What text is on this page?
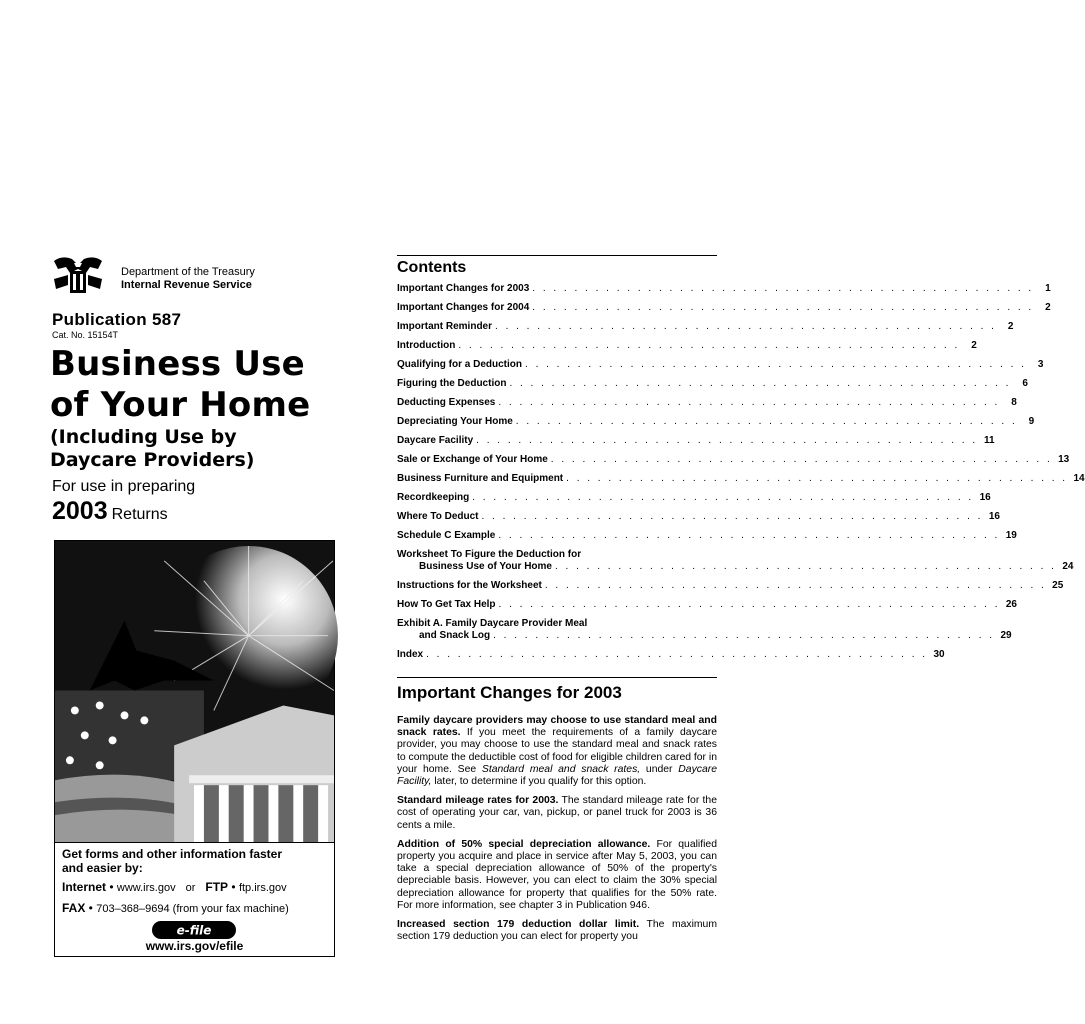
Department of the Treasury
Internal Revenue Service
Publication 587
Cat. No. 15154T
Business Use
of Your Home
(Including Use by
Daycare Providers)
For use in preparing
2003 Returns
Get forms and other information faster and easier by:
Internet • www.irs.gov or FTP • ftp.irs.gov
FAX • 703–368–9694 (from your fax machine)
e-file
www.irs.gov/efile
Contents
Important Changes for 2003 . . . . . . . . . . . . . . . . . . . . . . . . . . . . . . . . . . . . . . . . . . . . . . . .	1
Important Changes for 2004 . . . . . . . . . . . . . . . . . . . . . . . . . . . . . . . . . . . . . . . . . . . . . . . .	2
Important Reminder . . . . . . . . . . . . . . . . . . . . . . . . . . . . . . . . . . . . . . . . . . . . . . . .	2
Introduction . . . . . . . . . . . . . . . . . . . . . . . . . . . . . . . . . . . . . . . . . . . . . . . .	2
Qualifying for a Deduction . . . . . . . . . . . . . . . . . . . . . . . . . . . . . . . . . . . . . . . . . . . . . . . .	3
Figuring the Deduction . . . . . . . . . . . . . . . . . . . . . . . . . . . . . . . . . . . . . . . . . . . . . . . .	6
Deducting Expenses . . . . . . . . . . . . . . . . . . . . . . . . . . . . . . . . . . . . . . . . . . . . . . . .	8
Depreciating Your Home . . . . . . . . . . . . . . . . . . . . . . . . . . . . . . . . . . . . . . . . . . . . . . . .	9
Daycare Facility . . . . . . . . . . . . . . . . . . . . . . . . . . . . . . . . . . . . . . . . . . . . . . . . 11
Sale or Exchange of Your Home . . . . . . . . . . . . . . . . . . . . . . . . . . . . . . . . . . . . . . . . . . . . . . . . 13
Business Furniture and Equipment . . . . . . . . . . . . . . . . . . . . . . . . . . . . . . . . . . . . . . . . . . . . . . . . 14
Recordkeeping . . . . . . . . . . . . . . . . . . . . . . . . . . . . . . . . . . . . . . . . . . . . . . . . 16
Where To Deduct . . . . . . . . . . . . . . . . . . . . . . . . . . . . . . . . . . . . . . . . . . . . . . . . 16
Schedule C Example . . . . . . . . . . . . . . . . . . . . . . . . . . . . . . . . . . . . . . . . . . . . . . . . 19
Worksheet To Figure the Deduction for
Business Use of Your Home . . . . . . . . . . . . . . . . . . . . . . . . . . . . . . . . . . . . . . . . . . . . . . . . 24
Instructions for the Worksheet . . . . . . . . . . . . . . . . . . . . . . . . . . . . . . . . . . . . . . . . . . . . . . . . 25
How To Get Tax Help . . . . . . . . . . . . . . . . . . . . . . . . . . . . . . . . . . . . . . . . . . . . . . . . 26
Exhibit A. Family Daycare Provider Meal
and Snack Log . . . . . . . . . . . . . . . . . . . . . . . . . . . . . . . . . . . . . . . . . . . . . . . . 29
Index . . . . . . . . . . . . . . . . . . . . . . . . . . . . . . . . . . . . . . . . . . . . . . . . 30
Important Changes for 2003

Family daycare providers may choose to use standard meal and snack rates. If you meet the requirements of a family daycare provider, you may choose to use the standard meal and snack rates to compute the deductible cost of food for eligible children cared for in your home. See Standard meal and snack rates, under Daycare Facility, later, to determine if you qualify for this option.

Standard mileage rates for 2003. The standard mileage rate for the cost of operating your car, van, pickup, or panel truck for 2003 is 36 cents a mile.

Addition of 50% special depreciation allowance. For qualified property you acquire and place in service after May 5, 2003, you can take a special depreciation allowance of 50% of the property's depreciable basis. However, you can elect to claim the 30% special depreciation allowance for property that qualifies for the 50% rate. For more information, see chapter 3 in Publication 946.

Increased section 179 deduction dollar limit. The maximum section 179 deduction you can elect for property you
